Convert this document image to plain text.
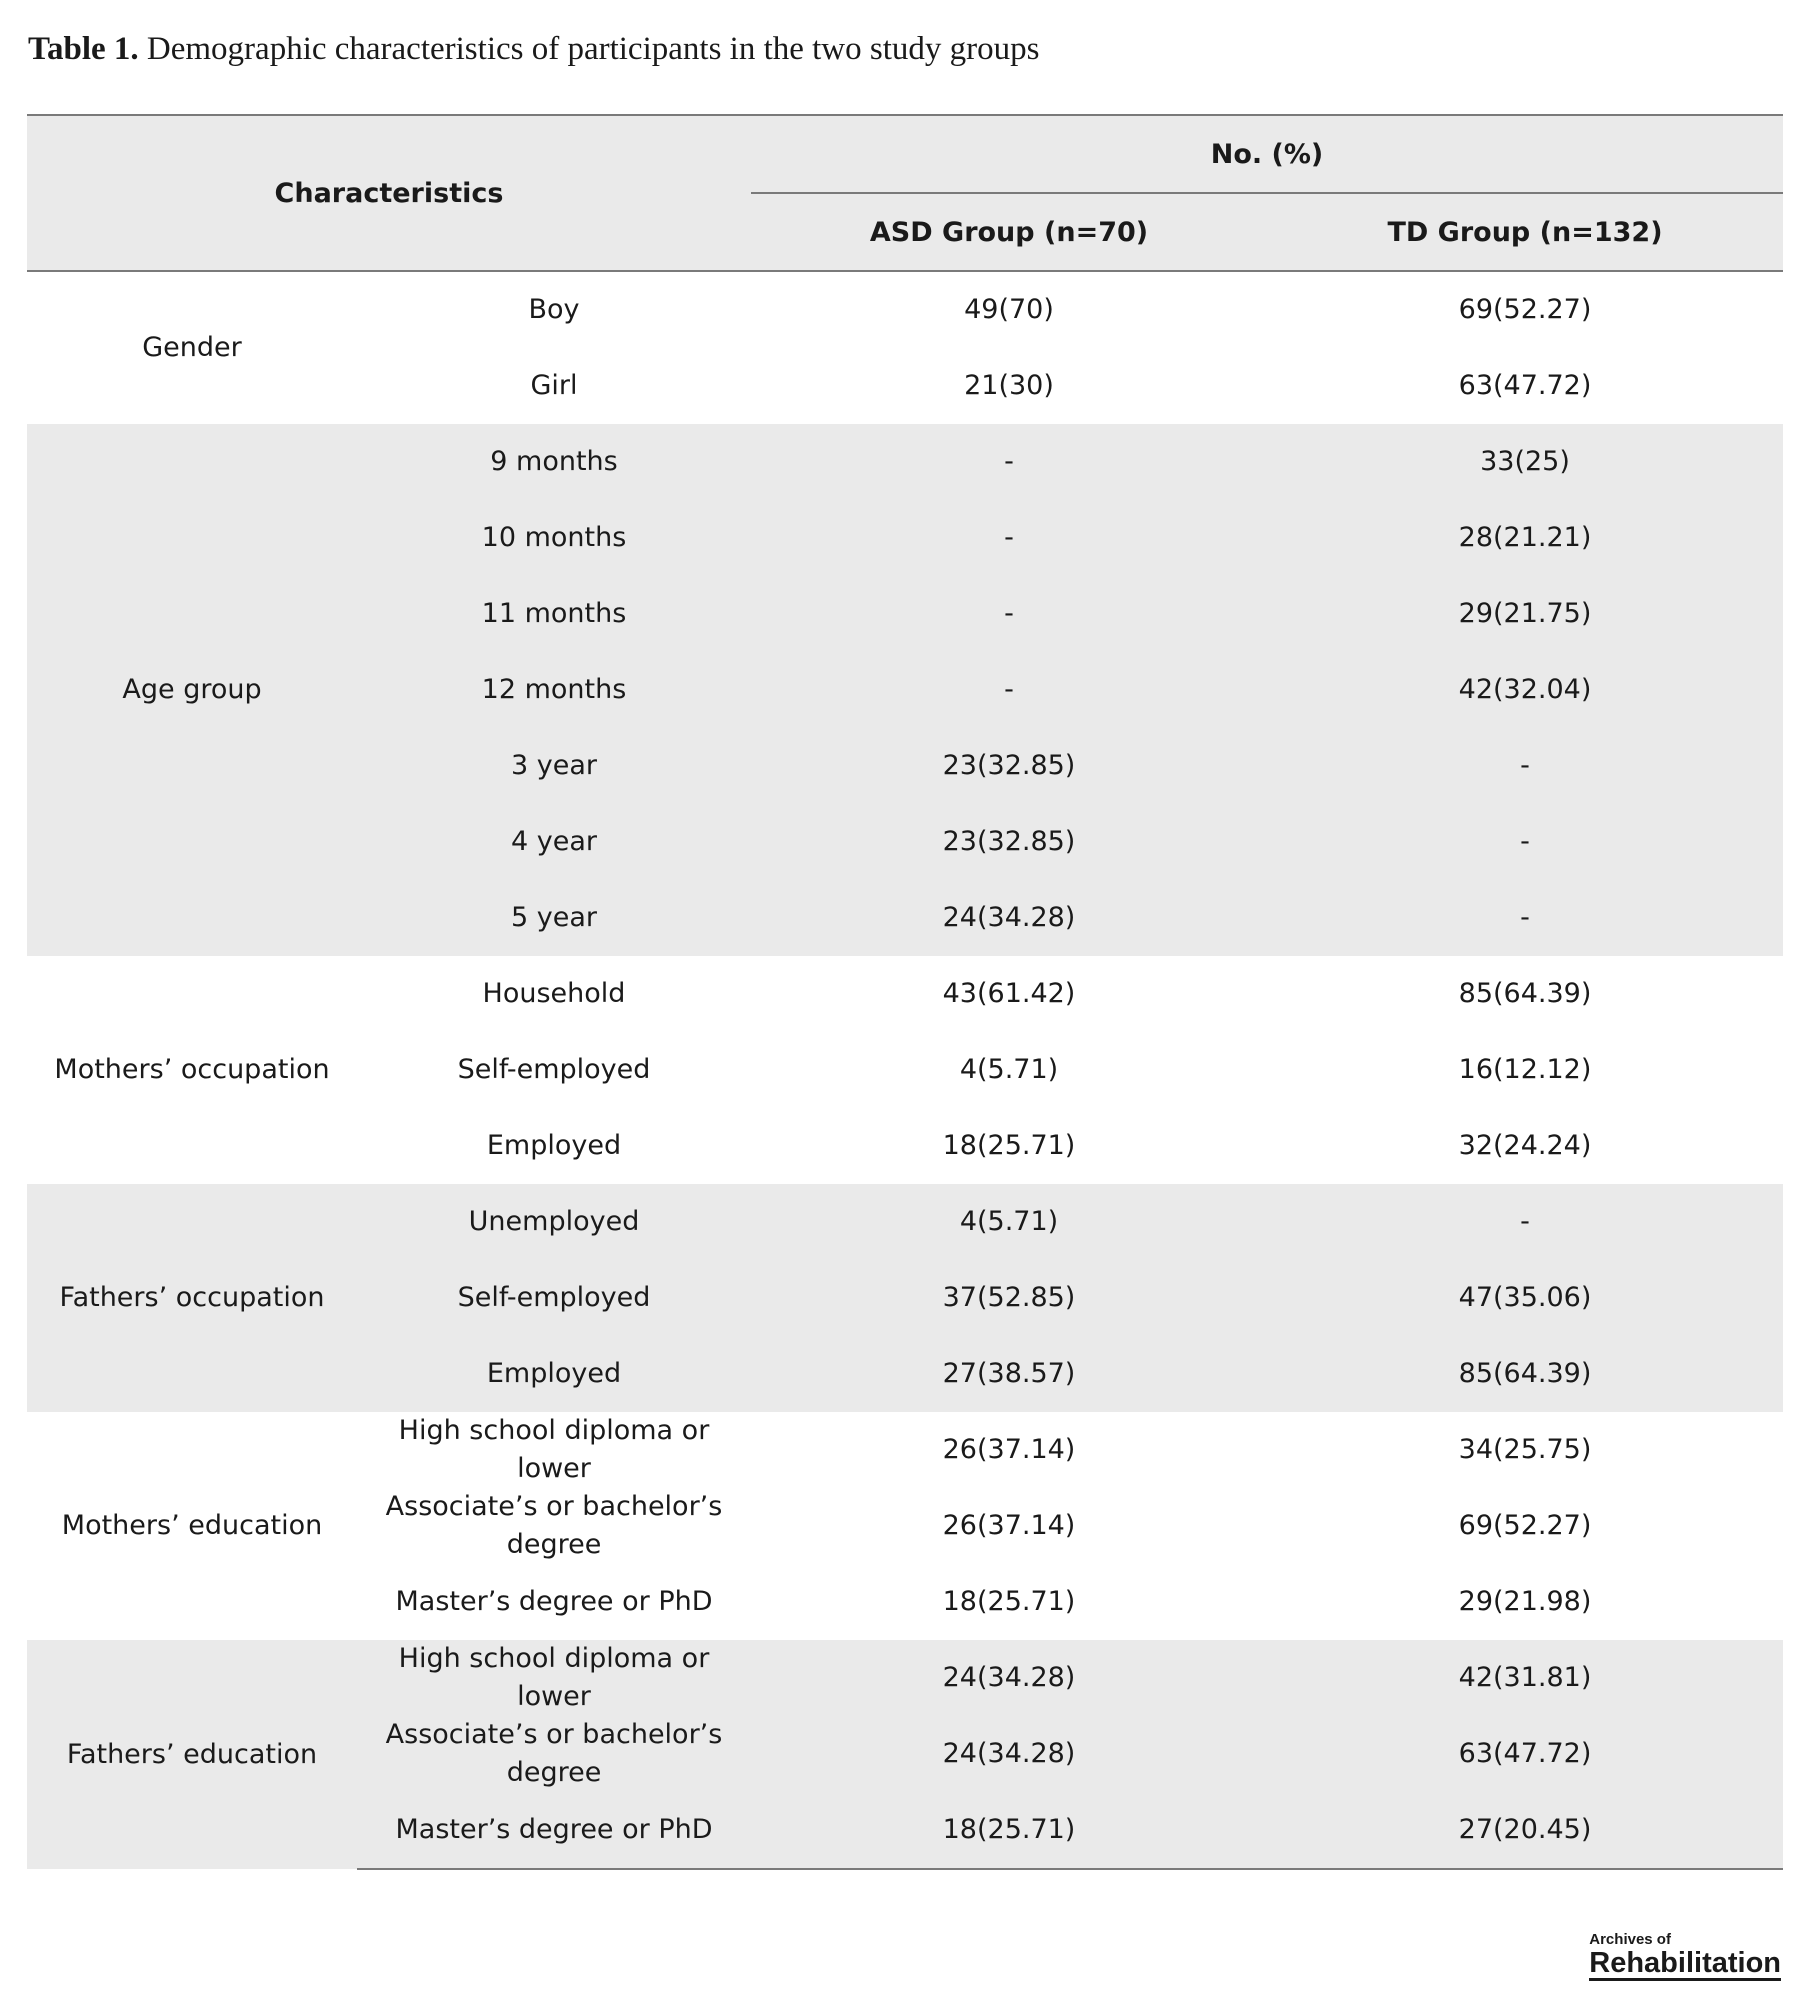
Table 1. Demographic characteristics of participants in the two study groups
Characteristics		No. (%)	
		ASD Group (n=70)	TD Group (n=132)
Gender	Boy	49(70)	69(52.27)
	Girl	21(30)	63(47.72)
Age group	9 months	-	33(25)
	10 months	-	28(21.21)
	11 months	-	29(21.75)
	12 months	-	42(32.04)
	3 year	23(32.85)	-
	4 year	23(32.85)	-
	5 year	24(34.28)	-
Mothers’ occupation	Household	43(61.42)	85(64.39)
	Self-employed	4(5.71)	16(12.12)
	Employed	18(25.71)	32(24.24)
Fathers’ occupation	Unemployed	4(5.71)	-
	Self-employed	37(52.85)	47(35.06)
	Employed	27(38.57)	85(64.39)
Mothers’ education	High school diploma or lower	26(37.14)	34(25.75)
	Associate’s or bachelor’s degree	26(37.14)	69(52.27)
	Master’s degree or PhD	18(25.71)	29(21.98)
Fathers’ education	High school diploma or lower	24(34.28)	42(31.81)
	Associate’s or bachelor’s degree	24(34.28)	63(47.72)
	Master’s degree or PhD	18(25.71)	27(20.45)
Archives of
Rehabilitation
